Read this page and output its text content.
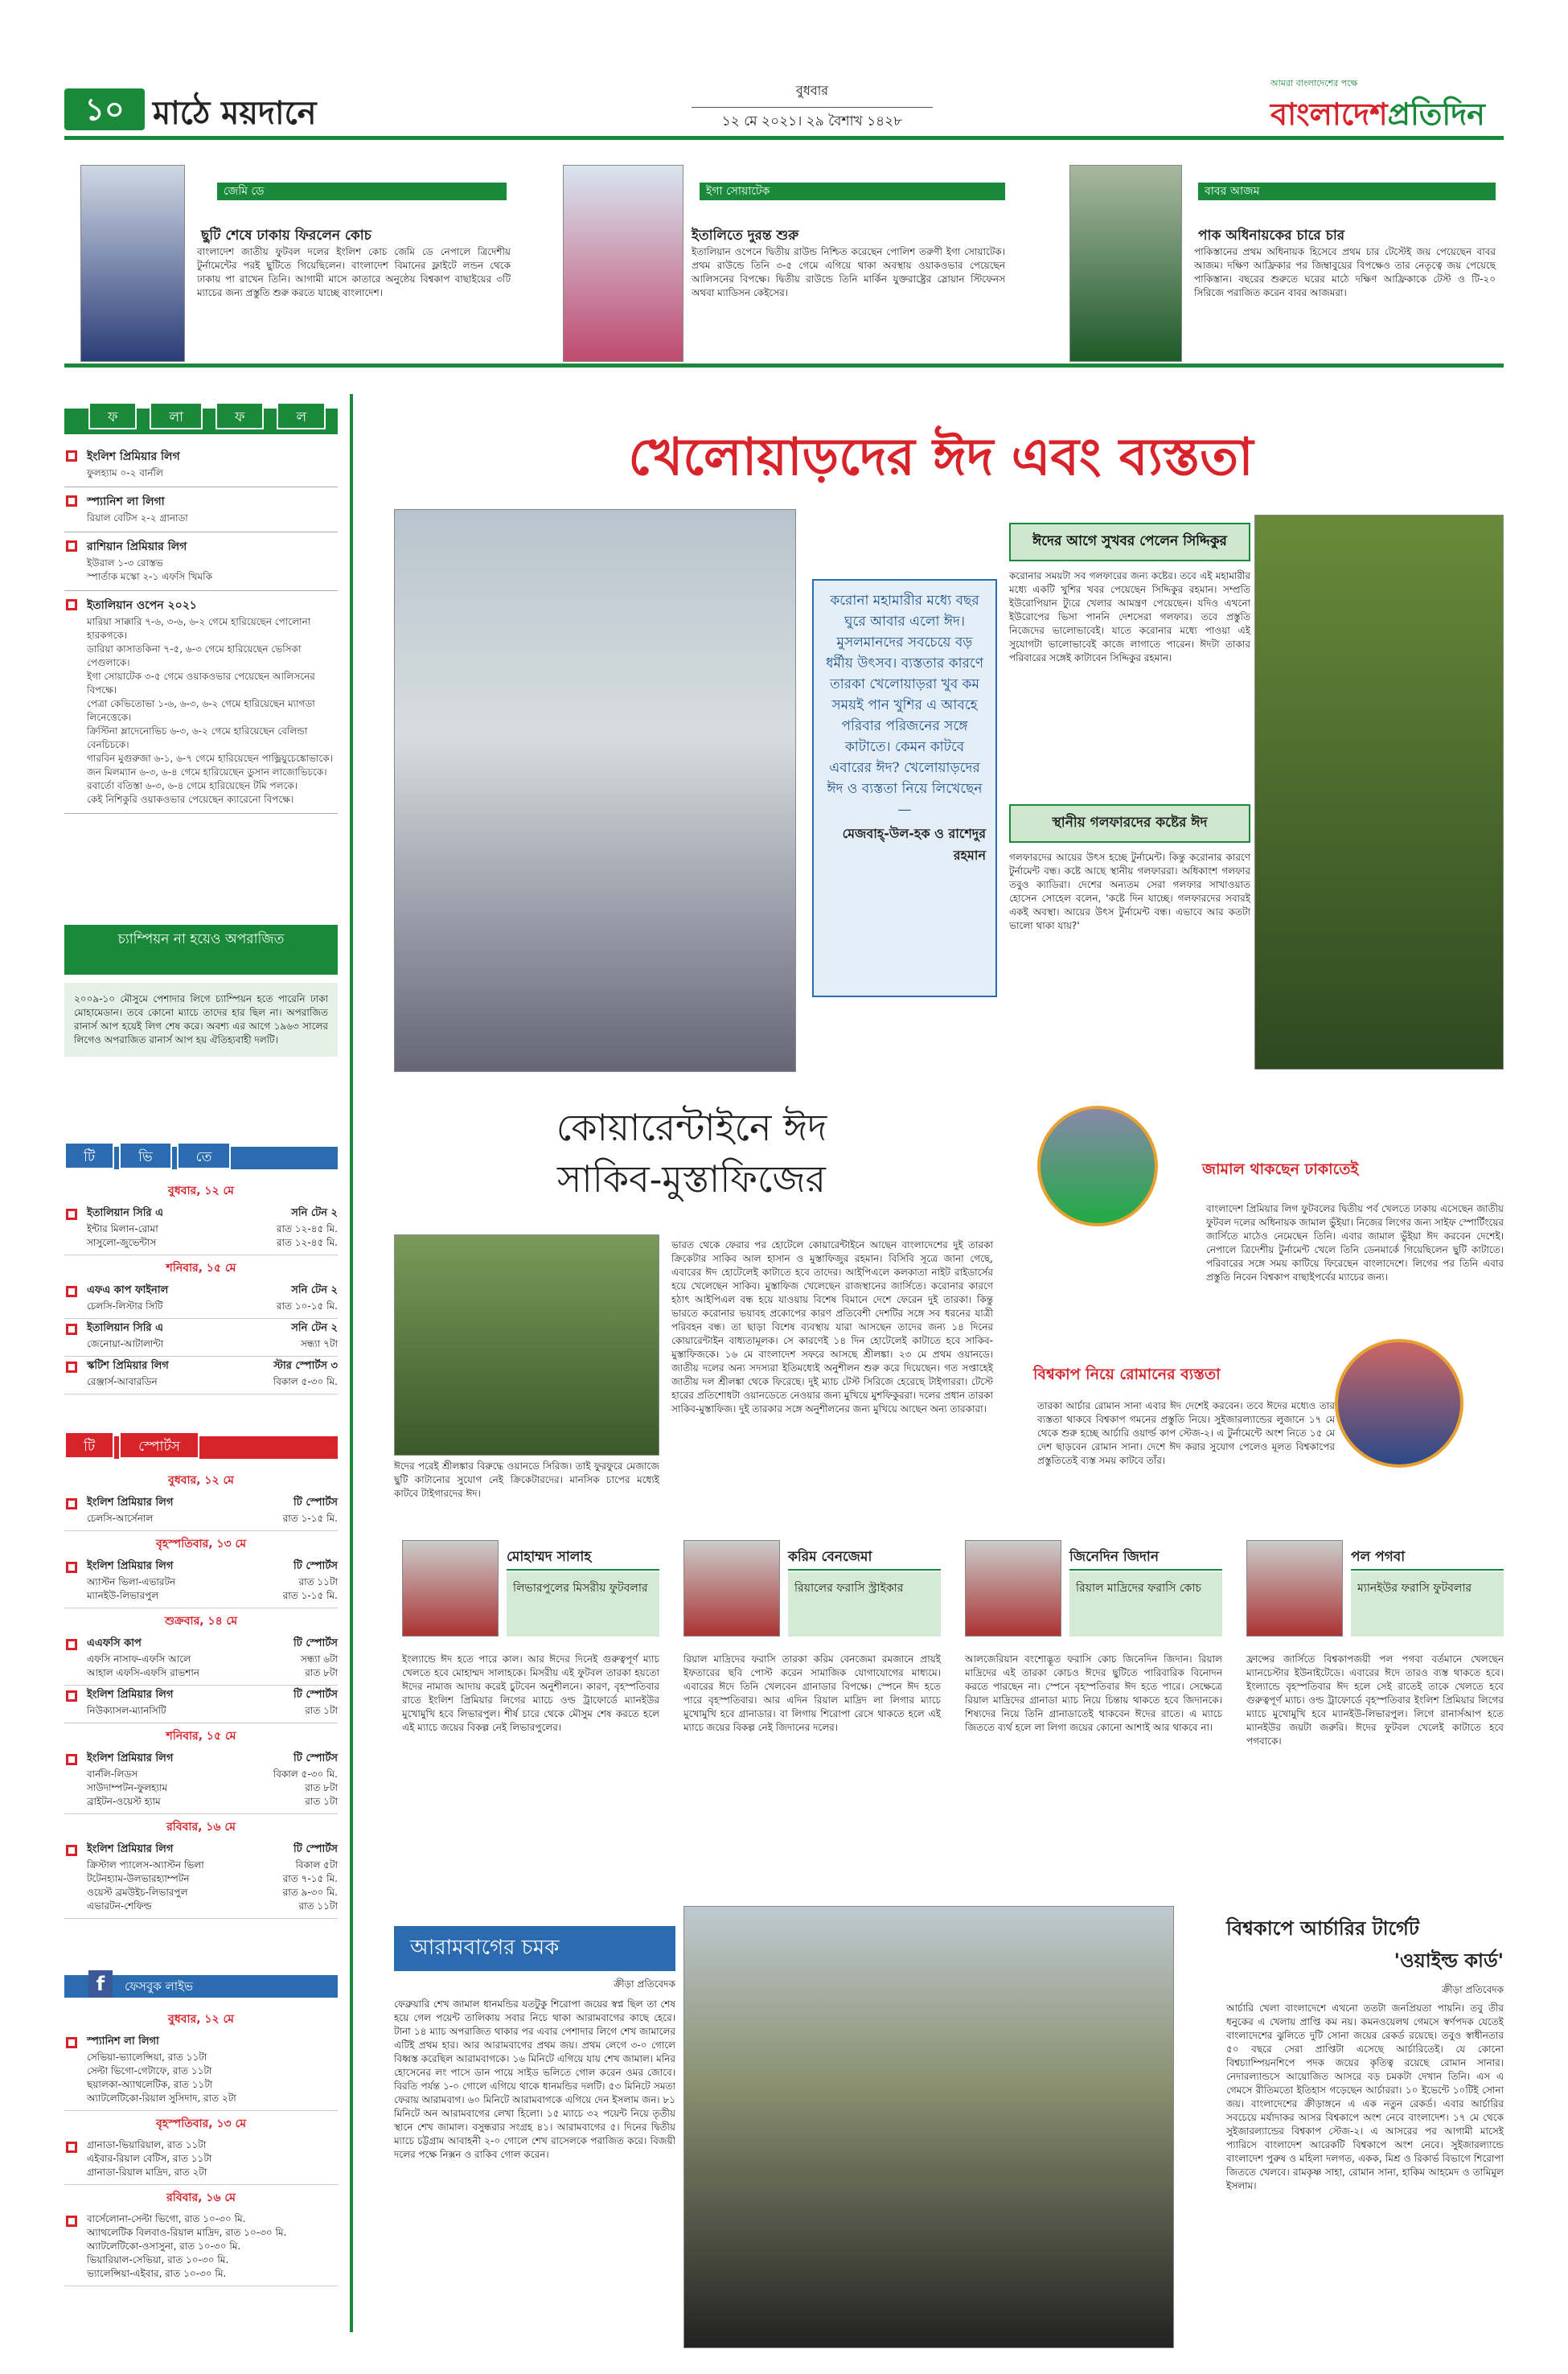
১০ মাঠে ময়দানে
বুধবার
১২ মে ২০২১। ২৯ বৈশাখ ১৪২৮
আমরা বাংলাদেশের পক্ষে
বাংলাদেশপ্রতিদিন
জেমি ডে
ছুটি শেষে ঢাকায় ফিরলেন কোচ
বাংলাদেশ জাতীয় ফুটবল দলের ইংলিশ কোচ জেমি ডে নেপালে ত্রিদেশীয় টুর্নামেন্টের পরই ছুটিতে গিয়েছিলেন। বাংলাদেশ বিমানের ফ্লাইটে লন্ডন থেকে ঢাকায় পা রাখেন তিনি। আগামী মাসে কাতারে অনুষ্ঠেয় বিশ্বকাপ বাছাইয়ের ৩টি ম্যাচের জন্য প্রস্তুতি শুরু করতে যাচ্ছে বাংলাদেশ।
ইগা সোয়াটেক
ইতালিতে দুরন্ত শুরু
ইতালিয়ান ওপেনে দ্বিতীয় রাউন্ড নিশ্চিত করেছেন পোলিশ তরুণী ইগা সোয়াটেক। প্রথম রাউন্ডে তিনি ৩-৫ গেমে এগিয়ে থাকা অবস্থায় ওয়াকওভার পেয়েছেন আলিসনের বিপক্ষে। দ্বিতীয় রাউন্ডে তিনি মার্কিন যুক্তরাষ্ট্রের স্লোয়ান স্টিফেনস অথবা ম্যাডিসন কেইসের।
বাবর আজম
পাক অধিনায়কের চারে চার
পাকিস্তানের প্রথম অধিনায়ক হিসেবে প্রথম চার টেস্টেই জয় পেয়েছেন বাবর আজম। দক্ষিণ আফ্রিকার পর জিম্বাবুয়ের বিপক্ষেও তার নেতৃত্বে জয় পেয়েছে পাকিস্তান। বছরের শুরুতে ঘরের মাঠে দক্ষিণ আফ্রিকাকে টেস্ট ও টি-২০ সিরিজে পরাজিত করেন বাবর আজমরা।
ফ	লা	ফ	ল
ইংলিশ প্রিমিয়ার লিগ
ফুলহ্যাম ০-২ বার্নলি
স্প্যানিশ লা লিগা
রিয়াল বেটিস ২-২ গ্রানাডা
রাশিয়ান প্রিমিয়ার লিগ
ইউরাল ১-৩ রোস্তভ
স্পার্তাক মস্কো ২-১ এফসি খিমকি
ইতালিয়ান ওপেন ২০২১
মারিয়া সাক্কারি ৭-৬, ৩-৬, ৬-২ গেমে হারিয়েছেন পোলোনা হারকগকে।
ডারিয়া কাসাতকিনা ৭-৫, ৬-৩ গেমে হারিয়েছেন ভেসিকা পেগুলাকে।
ইগা সোয়াটেক ৩-৫ গেমে ওয়াকওভার পেয়েছেন আলিসনের বিপক্ষে।
পেত্রা কেভিতোভা ১-৬, ৬-৩, ৬-২ গেমে হারিয়েছেন ম্যাগডা লিনেত্তেকে।
ক্রিস্টিনা ম্লাদেনোভিচ ৬-৩, ৬-২ গেমে হারিয়েছেন বেলিন্ডা বেনচিচকে।
গারবিন মুগুরুজা ৬-১, ৬-৭ গেমে হারিয়েছেন পাভ্লিয়ুচেঙ্কোভাকে।
জন মিলম্যান ৬-৩, ৬-৪ গেমে হারিয়েছেন ডুসান লাজোভিচকে।
রবার্তো বতিস্তা ৬-৩, ৬-৪ গেমে হারিয়েছেন টমি পলকে।
কেই নিশিকুরি ওয়াকওভার পেয়েছেন ক্যারেনো বিপক্ষে।
চ্যাম্পিয়ন না হয়েও অপরাজিত
২০০৯-১০ মৌসুমে পেশাদার লিগে চ্যাম্পিয়ন হতে পারেনি ঢাকা মোহামেডান। তবে কোনো ম্যাচে তাদের হার ছিল না। অপরাজিত রানার্স আপ হয়েই লিগ শেষ করে। অবশ্য এর আগে ১৯৬৩ সালের লিগেও অপরাজিত রানার্স আপ হয় ঐতিহ্যবাহী দলটি।
টি	ভি	তে
বুধবার, ১২ মে
ইতালিয়ান সিরি এ	সনি টেন ২
ইন্টার মিলান-রোমা	রাত ১২-৪৫ মি.
সাসুলো-জুভেন্টাস	রাত ১২-৪৫ মি.
শনিবার, ১৫ মে
এফএ কাপ ফাইনাল	সনি টেন ২
চেলসি-লিস্টার সিটি	রাত ১০-১৫ মি.
ইতালিয়ান সিরি এ	সনি টেন ২
জেনোয়া-আটালান্টা	সন্ধ্যা ৭টা
স্কটিশ প্রিমিয়ার লিগ	স্টার স্পোর্টস ৩
রেঞ্জার্স-আবারডিন	বিকাল ৫-৩০ মি.
টি	স্পোর্টস
বুধবার, ১২ মে
ইংলিশ প্রিমিয়ার লিগ	টি স্পোর্টস
চেলসি-আর্সেনাল	রাত ১-১৫ মি.
বৃহস্পতিবার, ১৩ মে
ইংলিশ প্রিমিয়ার লিগ	টি স্পোর্টস
অ্যাস্টন ভিলা-এভারটন	রাত ১১টা
ম্যানইউ-লিভারপুল	রাত ১-১৫ মি.
শুক্রবার, ১৪ মে
এএফসি কাপ	টি স্পোর্টস
এফসি নাসাফ-এফসি আলে	সন্ধ্যা ৬টা
আহাল এফসি-এফসি রাভশান	রাত ৮টা
ইংলিশ প্রিমিয়ার লিগ	টি স্পোর্টস
নিউক্যাসল-ম্যানসিটি	রাত ১টা
শনিবার, ১৫ মে
ইংলিশ প্রিমিয়ার লিগ	টি স্পোর্টস
বার্নলি-লিডস	বিকাল ৫-৩০ মি.
সাউদাম্পটন-ফুলহ্যাম	রাত ৮টা
ব্রাইটন-ওয়েস্ট হ্যাম	রাত ১টা
রবিবার, ১৬ মে
ইংলিশ প্রিমিয়ার লিগ	টি স্পোর্টস
ক্রিস্টাল প্যালেস-অ্যাস্টন ভিলা	বিকাল ৫টা
টটেনহ্যাম-উলভারহ্যাম্পটন	রাত ৭-১৫ মি.
ওয়েস্ট ব্রমউইচ-লিভারপুল	রাত ৯-৩০ মি.
এভারটন-শেফিল্ড	রাত ১১টা
f	ফেসবুক লাইভ
বুধবার, ১২ মে
স্প্যানিশ লা লিগা
সেভিয়া-ভ্যালেন্সিয়া, রাত ১১টা
সেল্টা ভিগো-গেটাফে, রাত ১১টা
ছয়ালকা-অ্যাথলেটিক, রাত ১১টা
অ্যাটলেটিকো-রিয়াল সুসিদাদ, রাত ২টা
বৃহস্পতিবার, ১৩ মে
গ্রানাডা-ভিয়ারিয়াল, রাত ১১টা
এইবার-রিয়াল বেটিস, রাত ১১টা
গ্রানাডা-রিয়াল মাদ্রিদ, রাত ২টা
রবিবার, ১৬ মে
বার্সেলোনা-সেল্টা ভিগো, রাত ১০-৩০ মি.
অ্যাথলেটিক বিলবাও-রিয়াল মাদ্রিদ, রাত ১০-৩০ মি.
অ্যাটলেটিকো-ওসাসুনা, রাত ১০-৩০ মি.
ভিয়ারিয়াল-সেভিয়া, রাত ১০-৩০ মি.
ভ্যালেন্সিয়া-এইবার, রাত ১০-৩০ মি.
খেলোয়াড়দের ঈদ এবং ব্যস্ততা
করোনা মহামারীর মধ্যে বছর ঘুরে আবার এলো ঈদ। মুসলমানদের সবচেয়ে বড় ধর্মীয় উৎসব। ব্যস্ততার কারণে তারকা খেলোয়াড়রা খুব কম সময়ই পান খুশির এ আবহে পরিবার পরিজনের সঙ্গে কাটাতে। কেমন কাটবে এবারের ঈদ? খেলোয়াড়দের ঈদ ও ব্যস্ততা নিয়ে লিখেছেন—
মেজবাহ্-উল-হক ও রাশেদুর রহমান
ঈদের আগে সুখবর পেলেন সিদ্দিকুর
করোনার সময়টা সব গলফারের জন্য কষ্টের। তবে এই মহামারীর মধ্যে একটি খুশির খবর পেয়েছেন সিদ্দিকুর রহমান। সম্প্রতি ইউরোপিয়ান ট্যুরে খেলার আমন্ত্রণ পেয়েছেন। যদিও এখনো ইউরোপের ভিসা পাননি দেশসেরা গলফার। তবে প্রস্তুতি নিজেদের ভালোভাবেই। যাতে করোনার মধ্যে পাওয়া এই সুযোগটা ভালোভাবেই কাজে লাগাতে পারেন। ঈদটা তাকার পরিবারের সঙ্গেই কাটাবেন সিদ্দিকুর রহমান।
স্থানীয় গলফারদের কষ্টের ঈদ
গলফারদের আয়ের উৎস হচ্ছে টুর্নামেন্ট। কিন্তু করোনার কারণে টুর্নামেন্ট বন্ধ। কষ্টে আছে স্থানীয় গলফাররা। অধিকাংশ গলফার তবুও ক্যাডিরা। দেশের অন্যতম সেরা গলফার সাখাওয়াত হোসেন সোহেল বলেন, 'কষ্টে দিন যাচ্ছে। গলফারদের সবারই একই অবস্থা। আয়ের উৎস টুর্নামেন্ট বন্ধ। এভাবে আর কতটা ভালো থাকা যায়?'
কোয়ারেন্টাইনে ঈদ
সাকিব-মুস্তাফিজের
ঈদের পরেই শ্রীলঙ্কার বিরুদ্ধে ওয়ানডে সিরিজ। তাই ফুরফুরে মেজাজে ছুটি কাটানোর সুযোগ নেই ক্রিকেটারদের। মানসিক চাপের মধ্যেই কাটবে টাইগারদের ঈদ।
ভারত থেকে ফেরার পর হোটেলে কোয়ারেন্টাইনে আছেন বাংলাদেশের দুই তারকা ক্রিকেটার সাকিব আল হাসান ও মুস্তাফিজুর রহমান। বিসিবি সূত্রে জানা গেছে, এবারের ঈদ হোটেলেই কাটাতে হবে তাদের। আইপিএলে কলকাতা নাইট রাইডার্সের হয়ে খেলেছেন সাকিব। মুস্তাফিজ খেলেছেন রাজস্থানের জার্সিতে। করোনার কারণে হঠাৎ আইপিএল বন্ধ হয়ে যাওয়ায় বিশেষ বিমানে দেশে ফেরেন দুই তারকা। কিন্তু ভারতে করোনার ভয়াবহ প্রকোপের কারণ প্রতিবেশী দেশটির সঙ্গে সব ধরনের যাত্রী পরিবহন বন্ধ। তা ছাড়া বিশেষ ব্যবস্থায় যারা আসছেন তাদের জন্য ১৪ দিনের কোয়ারেন্টাইন বাধ্যতামূলক। সে কারণেই ১৪ দিন হোটেলেই কাটাতে হবে সাকিব-মুস্তাফিজকে। ১৬ মে বাংলাদেশ সফরে আসছে শ্রীলঙ্কা। ২৩ মে প্রথম ওয়ানডে। জাতীয় দলের অন্য সদস্যরা ইতিমধ্যেই অনুশীলন শুরু করে দিয়েছেন। গত সপ্তাহেই জাতীয় দল শ্রীলঙ্কা থেকে ফিরেছে। দুই ম্যাচ টেস্ট সিরিজে হেরেছে টাইগাররা। টেস্টে হারের প্রতিশোধটা ওয়ানডেতে নেওয়ার জন্য মুখিয়ে মুশফিকুররা। দলের প্রধান তারকা সাকিব-মুস্তাফিজ। দুই তারকার সঙ্গে অনুশীলনের জন্য মুখিয়ে আছেন অন্য তারকারা।
জামাল থাকছেন ঢাকাতেই
বাংলাদেশ প্রিমিয়ার লিগ ফুটবলের দ্বিতীয় পর্ব খেলতে ঢাকায় এসেছেন জাতীয় ফুটবল দলের অধিনায়ক জামাল ভুঁইয়া। নিজের লিগের জন্য সাইফ স্পোর্টিংয়ের জার্সিতে মাঠেও নেমেছেন তিনি। এবার জামাল ভুঁইয়া ঈদ করবেন দেশেই। নেপালে ত্রিদেশীয় টুর্নামেন্ট খেলে তিনি ডেনমার্কে গিয়েছিলেন ছুটি কাটাতে। পরিবারের সঙ্গে সময় কাটিয়ে ফিরেছেন বাংলাদেশে। লিগের পর তিনি এবার প্রস্তুতি নিবেন বিশ্বকাপ বাছাইপর্বের ম্যাচের জন্য।
বিশ্বকাপ নিয়ে রোমানের ব্যস্ততা
তারকা আর্চার রোমান সানা এবার ঈদ দেশেই করবেন। তবে ঈদের মধ্যেও তার ব্যস্ততা থাকবে বিশ্বকাপ গমনের প্রস্তুতি নিয়ে। সুইজারল্যান্ডের লুজানে ১৭ মে থেকে শুরু হচ্ছে আর্চারি ওয়ার্ল্ড কাপ স্টেজ-২। এ টুর্নামেন্টে অংশ নিতে ১৫ মে দেশ ছাড়বেন রোমান সানা। দেশে ঈদ করার সুযোগ পেলেও মূলত বিশ্বকাপের প্রস্তুতিতেই ব্যস্ত সময় কাটবে তাঁর।
মোহাম্মদ সালাহ
লিভারপুলের মিসরীয় ফুটবলার
ইংল্যান্ডে ঈদ হতে পারে কাল। আর ঈদের দিনেই গুরুত্বপূর্ণ ম্যাচ খেলতে হবে মোহাম্মদ সালাহকে। মিসরীয় এই ফুটবল তারকা হয়তো ঈদের নামাজ আদায় করেই চুটবেন অনুশীলনে। কারণ, বৃহস্পতিবার রাতে ইংলিশ প্রিমিয়ার লিগের ম্যাচে ওল্ড ট্রাফোর্ডে ম্যানইউর মুখোমুখি হবে লিভারপুল। শীর্ষ চারে থেকে মৌসুম শেষ করতে হলে এই ম্যাচে জয়ের বিকল্প নেই লিভারপুলের।
করিম বেনজেমা
রিয়ালের ফরাসি স্ট্রাইকার
রিয়াল মাদ্রিদের ফরাসি তারকা করিম বেনজেমা রমজানে প্রায়ই ইফতারের ছবি পোস্ট করেন সামাজিক যোগাযোগের মাধ্যমে। এবারের ঈদে তিনি খেলবেন গ্রানাডার বিপক্ষে। স্পেনে ঈদ হতে পারে বৃহস্পতিবার। আর এদিন রিয়াল মাদ্রিদ লা লিগার ম্যাচে মুখোমুখি হবে গ্রানাডার। বা লিগায় শিরোপা রেসে থাকতে হলে এই ম্যাচে জয়ের বিকল্প নেই জিদানের দলের।
জিনেদিন জিদান
রিয়াল মাদ্রিদের ফরাসি কোচ
আলজেরিয়ান বংশোদ্ভূত ফরাসি কোচ জিনেদিন জিদান। রিয়াল মাদ্রিদের এই তারকা কোচও ঈদের ছুটিতে পারিবারিক বিনোদন করতে পারছেন না। স্পেনে বৃহস্পতিবার ঈদ হতে পারে। সেক্ষেত্রে রিয়াল মাদ্রিদের গ্রানাডা ম্যাচ নিয়ে চিন্তায় থাকতে হবে জিদানকে। শিষ্যদের নিয়ে তিনি গ্রানাডাতেই থাকবেন ঈদের রাতে। এ ম্যাচে জিততে ব্যর্থ হলে লা লিগা জয়ের কোনো আশাই আর থাকবে না।
পল পগবা
ম্যানইউর ফরাসি ফুটবলার
ফ্রান্সের জার্সিতে বিশ্বকাপজয়ী পল পগবা বর্তমানে খেলছেন ম্যানচেস্টার ইউনাইটেডে। এবারের ঈদে তারও ব্যস্ত থাকতে হবে। ইংল্যান্ডে বৃহস্পতিবার ঈদ হলে সেই রাতেই তাকে খেলতে হবে গুরুত্বপূর্ণ ম্যাচ। ওল্ড ট্রাফোর্ডে বৃহস্পতিবার ইংলিশ প্রিমিয়ার লিগের ম্যাচে মুখোমুখি হবে ম্যানইউ-লিভারপুল। লিগে রানার্সআপ হতে ম্যানইউর জয়টা জরুরি। ঈদের ফুটবল খেলেই কাটাতে হবে পগবাকে।
আরামবাগের চমক
ক্রীড়া প্রতিবেদক
ফেব্রুয়ারি শেখ জামাল ধানমন্ডির যতটুকু শিরোপা জয়ের স্বপ্ন ছিল তা শেষ হয়ে গেল পয়েন্ট তালিকায় সবার নিচে থাকা আরামবাগের কাছে হেরে। টানা ১৪ ম্যাচ অপরাজিত থাকার পর এবার পেশাদার লিগে শেখ জামালের এটিই প্রথম হার। আর আরামবাগের প্রথম জয়। প্রথম লেগে ৩-০ গোলে বিধ্বস্ত করেছিল আরামবাগকে। ১৬ মিনিটে এগিয়ে যায় শেখ জামাল। মনির হোসেনের লং পাসে ডান পায়ে সাইড ভলিতে গোল করেন ওমর জোবে। বিরতি পর্যন্ত ১-০ গোলে এগিয়ে থাকে ধানমন্ডির দলটি। ৫৩ মিনিটে সমতা ফেরায় আরামবাগ। ৬০ মিনিটে আরামবাগকে এগিয়ে দেন ইসলাম জন। ৮১ মিনিটে অন আরামবাগের লেখা হিলো। ১৫ ম্যাচে ৩২ পয়েন্ট নিয়ে তৃতীয় স্থানে শেখ জামাল। বসুন্ধরার সংগ্রহ ৪১। আরামবাগের ৫। দিনের দ্বিতীয় ম্যাচে চট্টগ্রাম আবাহনী ২-০ গোলে শেখ রাসেলকে পরাজিত করে। বিজয়ী দলের পক্ষে নিক্সন ও রাকিব গোল করেন।
বিশ্বকাপে আর্চারির টার্গেট
'ওয়াইল্ড কার্ড'
ক্রীড়া প্রতিবেদক
আর্চারি খেলা বাংলাদেশে এখনো ততটা জনপ্রিয়তা পায়নি। তবু তীর ধনুকের এ খেলায় প্রাপ্তি কম নয়। কমনওয়েলথ গেমসে স্বর্ণপদক যেতেই বাংলাদেশের ঝুলিতে দুটি সোনা জয়ের রেকর্ড রয়েছে। তবুও স্বাধীনতার ৫০ বছরে সেরা প্রাপ্তিটা এসেছে আর্চারিতেই। যে কোনো বিশ্বচ্যাম্পিয়নশিপে পদক জয়ের কৃতিত্ব রয়েছে রোমান সানার। নেদারল্যান্ডসে আয়োজিত আসরে বড় চমকটা দেখান তিনি। এস এ গেমসে রীতিমতো ইতিহাস গড়েছেন আর্চাররা। ১০ ইভেন্টে ১০টিই সোনা জয়। বাংলাদেশের ক্রীড়াঙ্গনে এ এক নতুন রেকর্ড। এবার আর্চারির সবচেয়ে মর্যাদাকর আসর বিশ্বকাপে অংশ নেবে বাংলাদেশ। ১৭ মে থেকে সুইজারল্যান্ডের বিশ্বকাপ স্টেজ-২। এ আসরের পর আগামী মাসেই প্যারিসে বাংলাদেশ আরেকটি বিশ্বকাপে অংশ নেবে। সুইজারল্যান্ডে বাংলাদেশ পুরুষ ও মহিলা দলগত, একক, মিশ্র ও রিকার্ভ বিভাগে শিরোপা জিততে খেলবে। রামকৃষ্ণ সাহা, রোমান সানা, হাকিম আহমেদ ও তামিমুল ইসলাম।
